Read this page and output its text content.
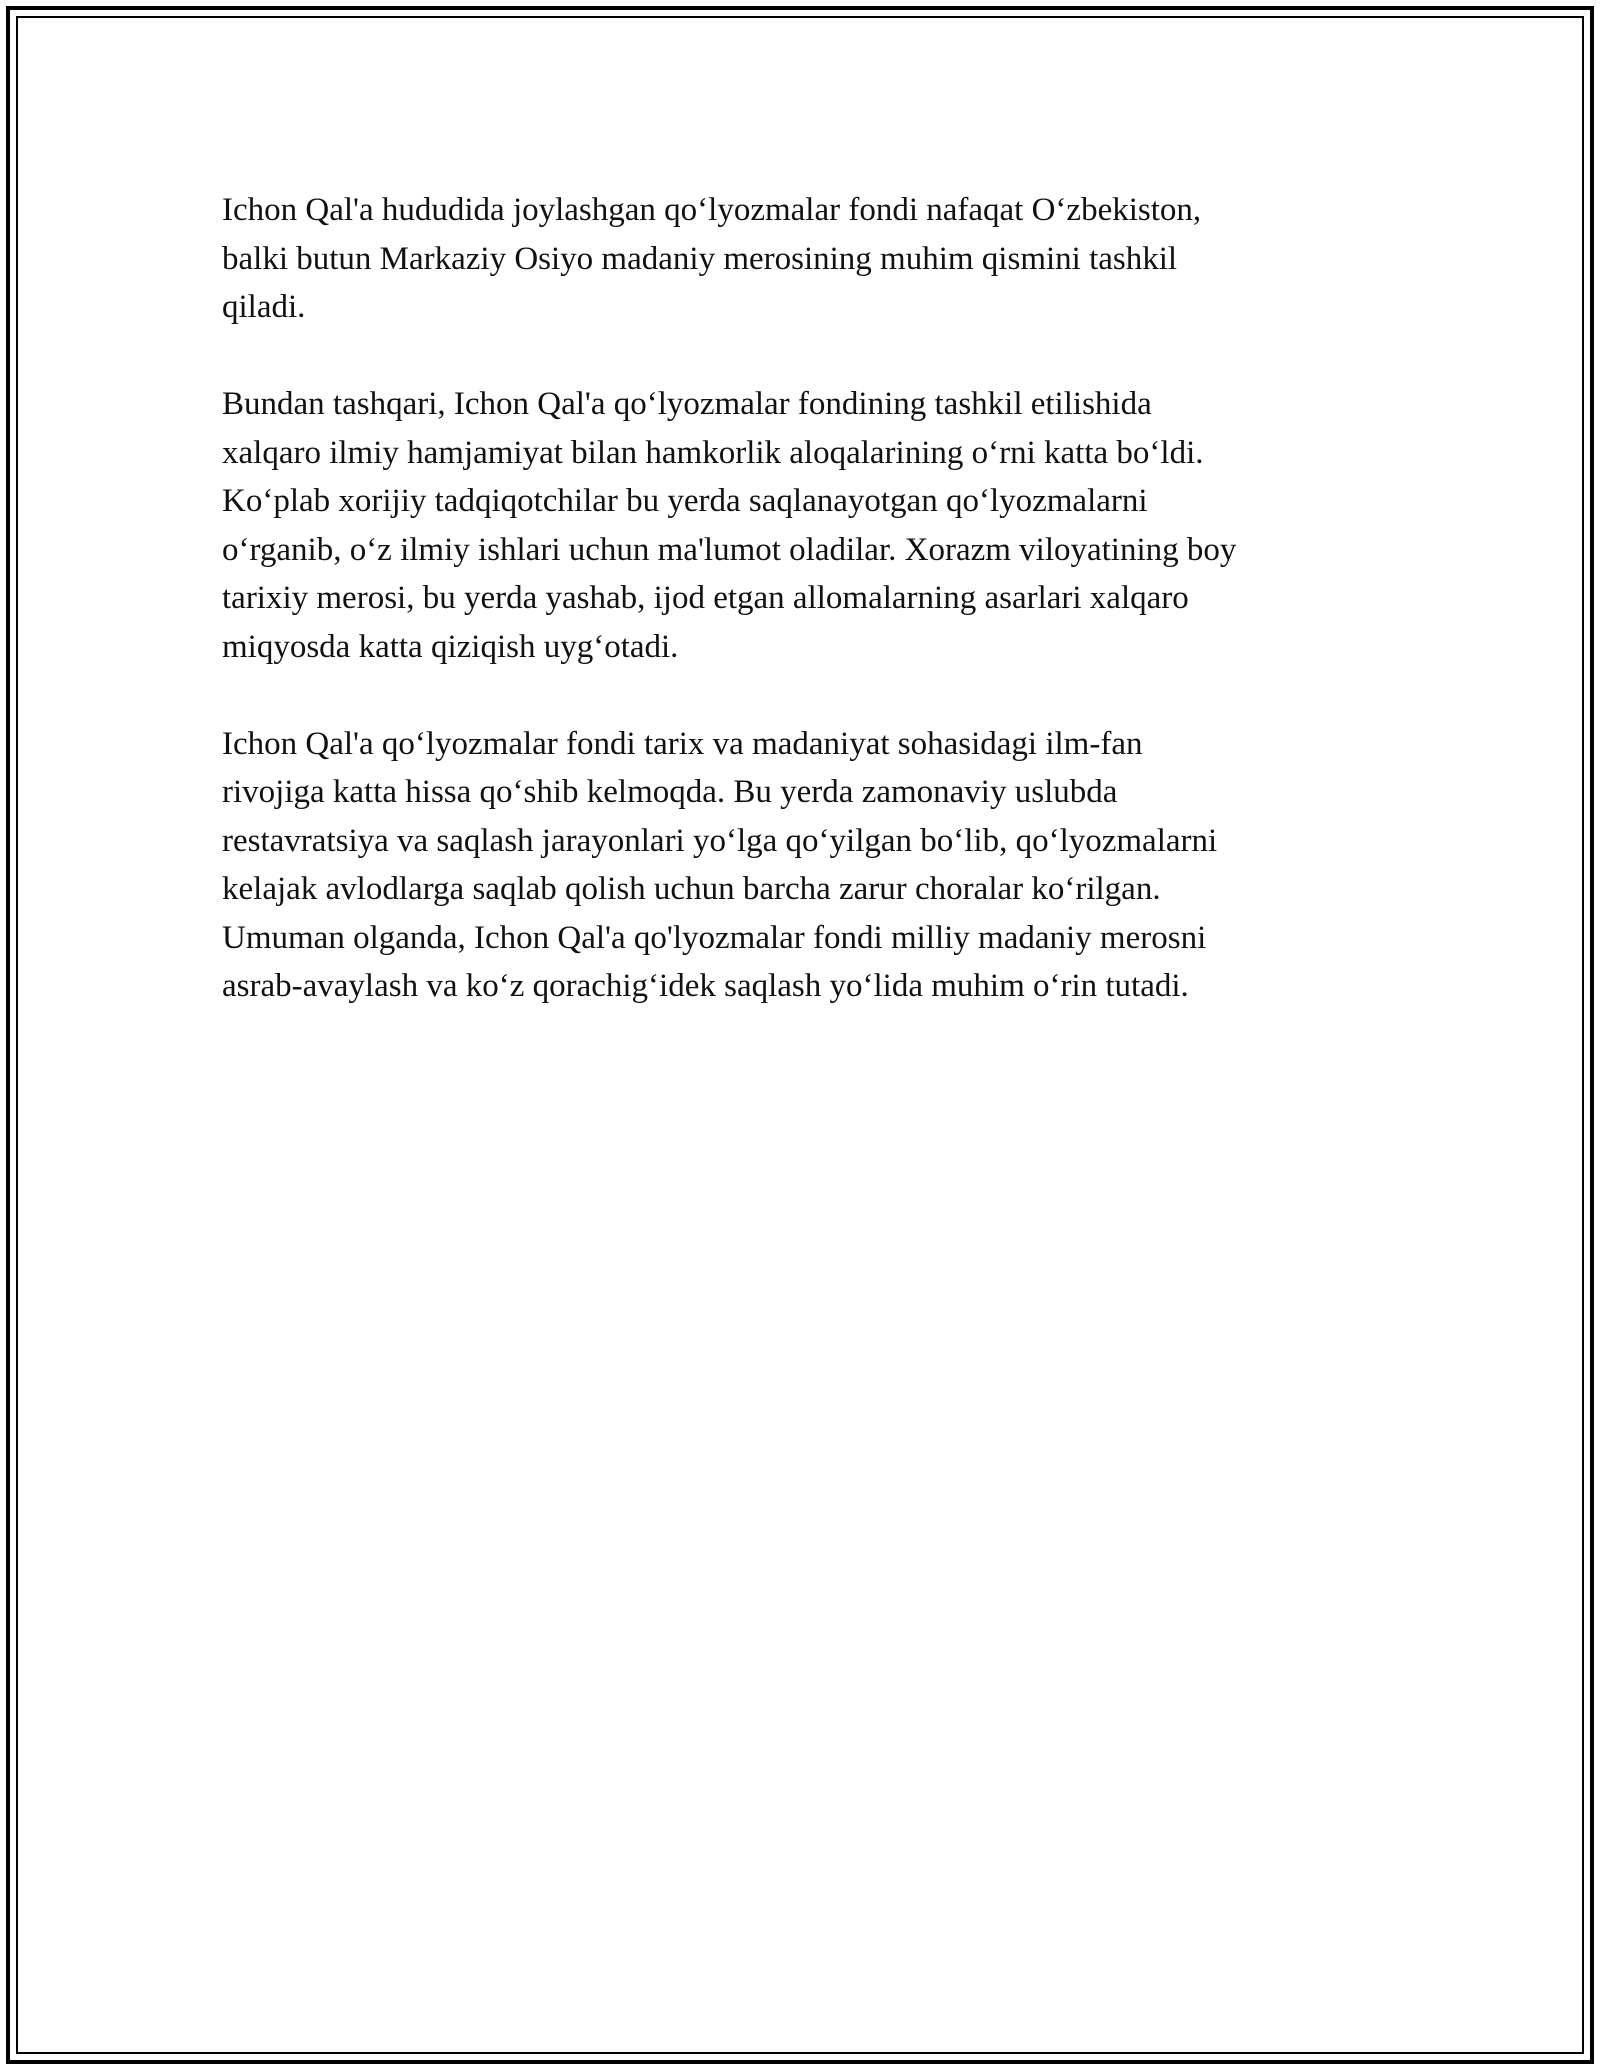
Ichon Qal'a hududida joylashgan qo‘lyozmalar fondi nafaqat O‘zbekiston,
balki butun Markaziy Osiyo madaniy merosining muhim qismini tashkil
qiladi.

Bundan tashqari, Ichon Qal'a qo‘lyozmalar fondining tashkil etilishida
xalqaro ilmiy hamjamiyat bilan hamkorlik aloqalarining o‘rni katta bo‘ldi.
Ko‘plab xorijiy tadqiqotchilar bu yerda saqlanayotgan qo‘lyozmalarni
o‘rganib, o‘z ilmiy ishlari uchun ma'lumot oladilar. Xorazm viloyatining boy
tarixiy merosi, bu yerda yashab, ijod etgan allomalarning asarlari xalqaro
miqyosda katta qiziqish uyg‘otadi.

Ichon Qal'a qo‘lyozmalar fondi tarix va madaniyat sohasidagi ilm-fan
rivojiga katta hissa qo‘shib kelmoqda. Bu yerda zamonaviy uslubda
restavratsiya va saqlash jarayonlari yo‘lga qo‘yilgan bo‘lib, qo‘lyozmalarni
kelajak avlodlarga saqlab qolish uchun barcha zarur choralar ko‘rilgan.
Umuman olganda, Ichon Qal'a qo'lyozmalar fondi milliy madaniy merosni
asrab-avaylash va ko‘z qorachig‘idek saqlash yo‘lida muhim o‘rin tutadi.
